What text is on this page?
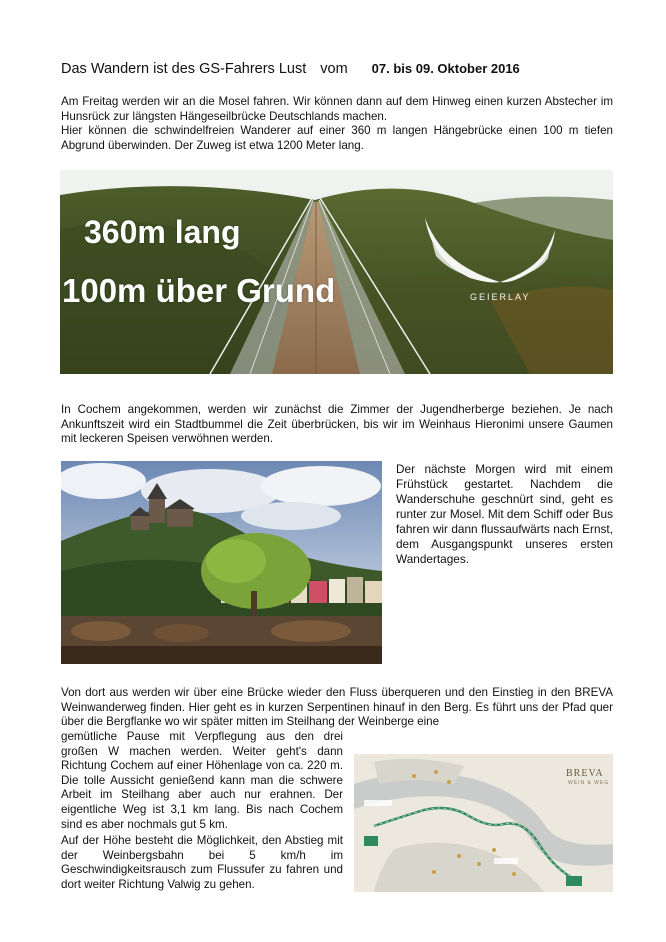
Das Wandern ist des GS-Fahrers Lust vom 07. bis 09. Oktober 2016
Am Freitag werden wir an die Mosel fahren. Wir können dann auf dem Hinweg einen kurzen Abstecher im Hunsrück zur längsten Hängeseilbrücke Deutschlands machen.
Hier können die schwindelfreien Wanderer auf einer 360 m langen Hängebrücke einen 100 m tiefen Abgrund überwinden. Der Zuweg ist etwa 1200 Meter lang.
360m lang
100m über Grund	GEIERLAY
In Cochem angekommen, werden wir zunächst die Zimmer der Jugendherberge beziehen. Je nach Ankunftszeit wird ein Stadtbummel die Zeit überbrücken, bis wir im Weinhaus Hieronimi unsere Gaumen mit leckeren Speisen verwöhnen werden.
Der nächste Morgen wird mit einem Frühstück gestartet. Nachdem die Wanderschuhe geschnürt sind, geht es runter zur Mosel. Mit dem Schiff oder Bus fahren wir dann flussaufwärts nach Ernst, dem Ausgangspunkt unseres ersten Wandertages.
Von dort aus werden wir über eine Brücke wieder den Fluss überqueren und den Einstieg in den BREVA Weinwanderweg finden. Hier geht es in kurzen Serpentinen hinauf in den Berg. Es führt uns der Pfad quer über die Bergflanke wo wir später mitten im Steilhang der Weinberge eine
gemütliche Pause mit Verpflegung aus den drei großen W machen werden. Weiter geht's dann Richtung Cochem auf einer Höhenlage von ca. 220 m. Die tolle Aussicht genießend kann man die schwere Arbeit im Steilhang aber auch nur erahnen. Der eigentliche Weg ist 3,1 km lang. Bis nach Cochem sind es aber nochmals gut 5 km.
Auf der Höhe besteht die Möglichkeit, den Abstieg mit der Weinbergsbahn bei 5 km/h im Geschwindigkeitsrausch zum Flussufer zu fahren und dort weiter Richtung Valwig zu gehen.
BREVA
WEIN & WEG
